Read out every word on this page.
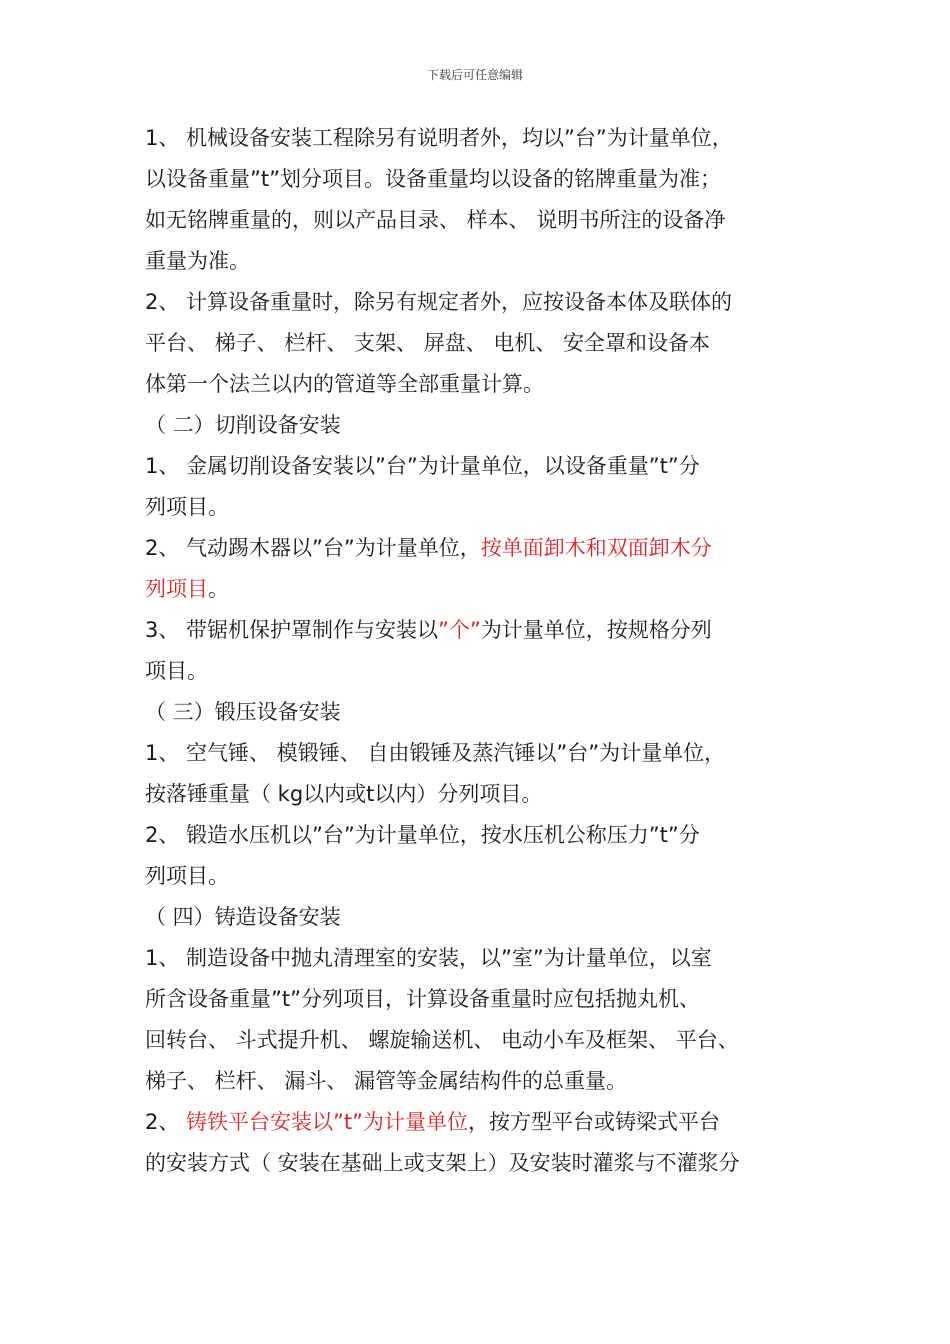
下载后可任意编辑
1、 机械设备安装工程除另有说明者外，均以”台”为计量单位，
以设备重量”t”划分项目。设备重量均以设备的铭牌重量为准；
如无铭牌重量的，则以产品目录、 样本、 说明书所注的设备净
重量为准。
2、 计算设备重量时，除另有规定者外，应按设备本体及联体的
平台、 梯子、 栏杆、 支架、 屏盘、 电机、 安全罩和设备本
体第一个法兰以内的管道等全部重量计算。
（ 二）切削设备安装
1、 金属切削设备安装以”台”为计量单位，以设备重量”t”分
列项目。
2、 气动踢木器以”台”为计量单位，按单面卸木和双面卸木分
列项目。
3、 带锯机保护罩制作与安装以”个”为计量单位，按规格分列
项目。
（ 三）锻压设备安装
1、 空气锤、 模锻锤、 自由锻锤及蒸汽锤以”台”为计量单位，
按落锤重量（ kg以内或t以内）分列项目。
2、 锻造水压机以”台”为计量单位，按水压机公称压力”t”分
列项目。
（ 四）铸造设备安装
1、 制造设备中抛丸清理室的安装，以”室”为计量单位，以室
所含设备重量”t”分列项目，计算设备重量时应包括抛丸机、
回转台、 斗式提升机、 螺旋输送机、 电动小车及框架、 平台、
梯子、 栏杆、 漏斗、 漏管等金属结构件的总重量。
2、 铸铁平台安装以”t”为计量单位，按方型平台或铸梁式平台
的安装方式（ 安装在基础上或支架上）及安装时灌浆与不灌浆分
